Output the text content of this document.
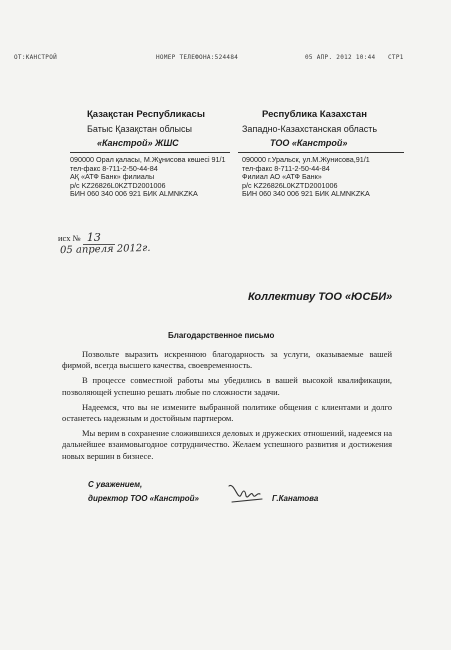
ОТ:КАНСТРОЙ	НОМЕР ТЕЛЕФОНА:524484	05 АПР. 2012 10:44 СТР1
Қазақстан Республикасы
Батыс Қазақстан облысы
«Канстрой» ЖШС
090000 Орал қаласы, М.Жұнисова көшесі 91/1
тел-факс 8-711-2-50-44-84
АҚ «АТФ Банк» филиалы
р/с KZ26826L0KZTD2001006
БИН 060 340 006 921 БИК ALMNKZKA
Республика Казахстан
Западно-Казахстанская область
ТОО «Канстрой»
090000 г.Уральск, ул.М.Жунисова,91/1
тел-факс 8-711-2-50-44-84
Филиал АО «АТФ Банк»
р/с KZ26826L0KZTD2001006
БИН 060 340 006 921 БИК ALMNKZKA
исх № 13
05 апреля 2012г.
Коллективу ТОО «ЮСБИ»
Благодарственное письмо

Позвольте выразить искреннюю благодарность за услуги, оказываемые вашей фирмой, всегда высшего качества, своевременность.

В процессе совместной работы мы убедились в вашей высокой квалификации, позволяющей успешно решать любые по сложности задачи.

Надеемся, что вы не измените выбранной политике общения с клиентами и долго останетесь надежным и достойным партнером.

Мы верим в сохранение сложившихся деловых и дружеских отношений, надеемся на дальнейшее взаимовыгодное сотрудничество. Желаем успешного развития и достижения новых вершин в бизнесе.

С уважением,
директор ТОО «Канстрой»	Г.Канатова
